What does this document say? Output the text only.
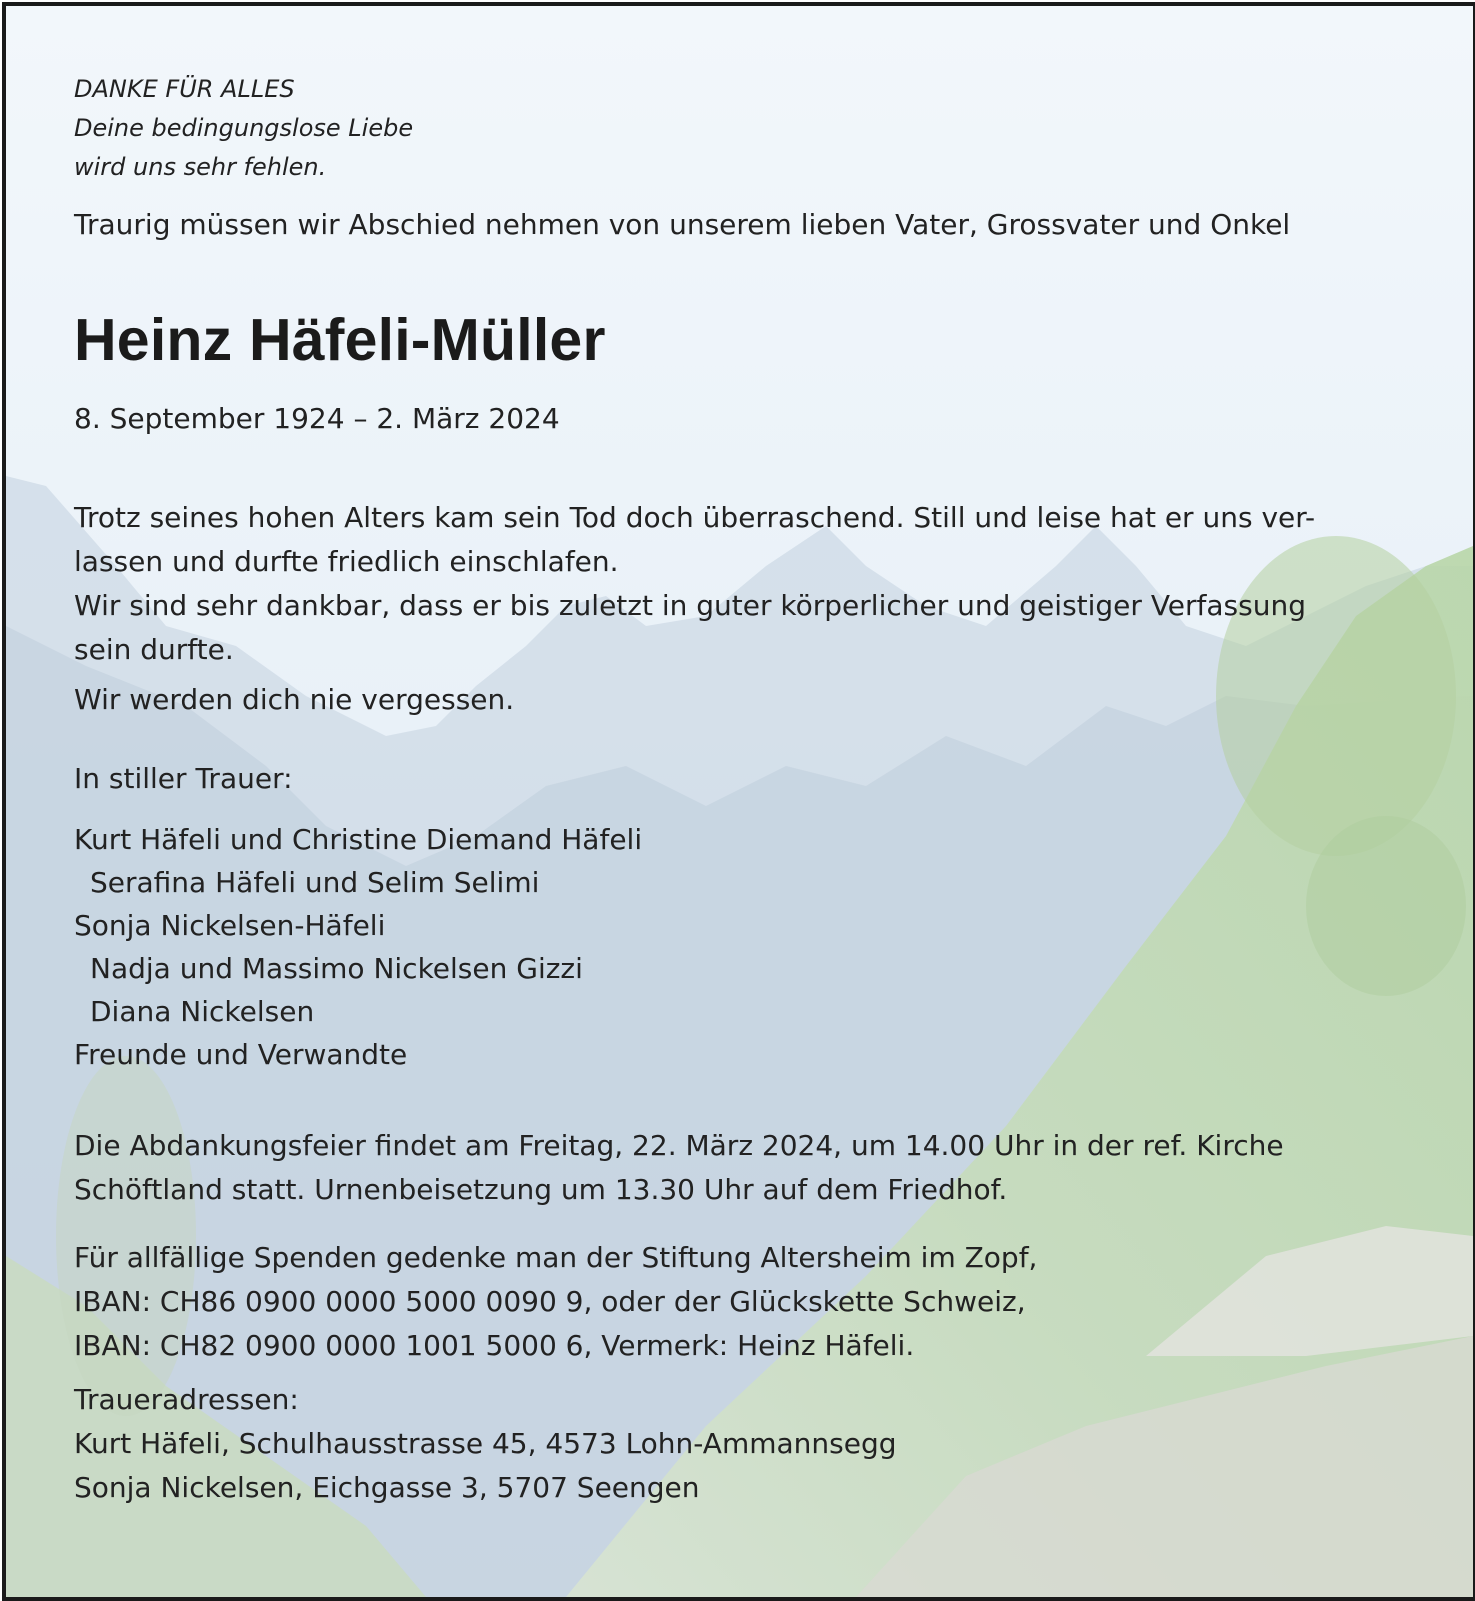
DANKE FÜR ALLES
Deine bedingungslose Liebe
wird uns sehr fehlen.
Traurig müssen wir Abschied nehmen von unserem lieben Vater, Grossvater und Onkel
Heinz Häfeli-Müller
8. September 1924 – 2. März 2024
Trotz seines hohen Alters kam sein Tod doch überraschend. Still und leise hat er uns ver-
lassen und durfte friedlich einschlafen.
Wir sind sehr dankbar, dass er bis zuletzt in guter körperlicher und geistiger Verfassung
sein durfte.
Wir werden dich nie vergessen.
In stiller Trauer:
Kurt Häfeli und Christine Diemand Häfeli
Serafina Häfeli und Selim Selimi
Sonja Nickelsen-Häfeli
Nadja und Massimo Nickelsen Gizzi
Diana Nickelsen
Freunde und Verwandte
Die Abdankungsfeier findet am Freitag, 22. März 2024, um 14.00 Uhr in der ref. Kirche
Schöftland statt. Urnenbeisetzung um 13.30 Uhr auf dem Friedhof.
Für allfällige Spenden gedenke man der Stiftung Altersheim im Zopf,
IBAN: CH86 0900 0000 5000 0090 9, oder der Glückskette Schweiz,
IBAN: CH82 0900 0000 1001 5000 6, Vermerk: Heinz Häfeli.
Traueradressen:
Kurt Häfeli, Schulhausstrasse 45, 4573 Lohn-Ammannsegg
Sonja Nickelsen, Eichgasse 3, 5707 Seengen
